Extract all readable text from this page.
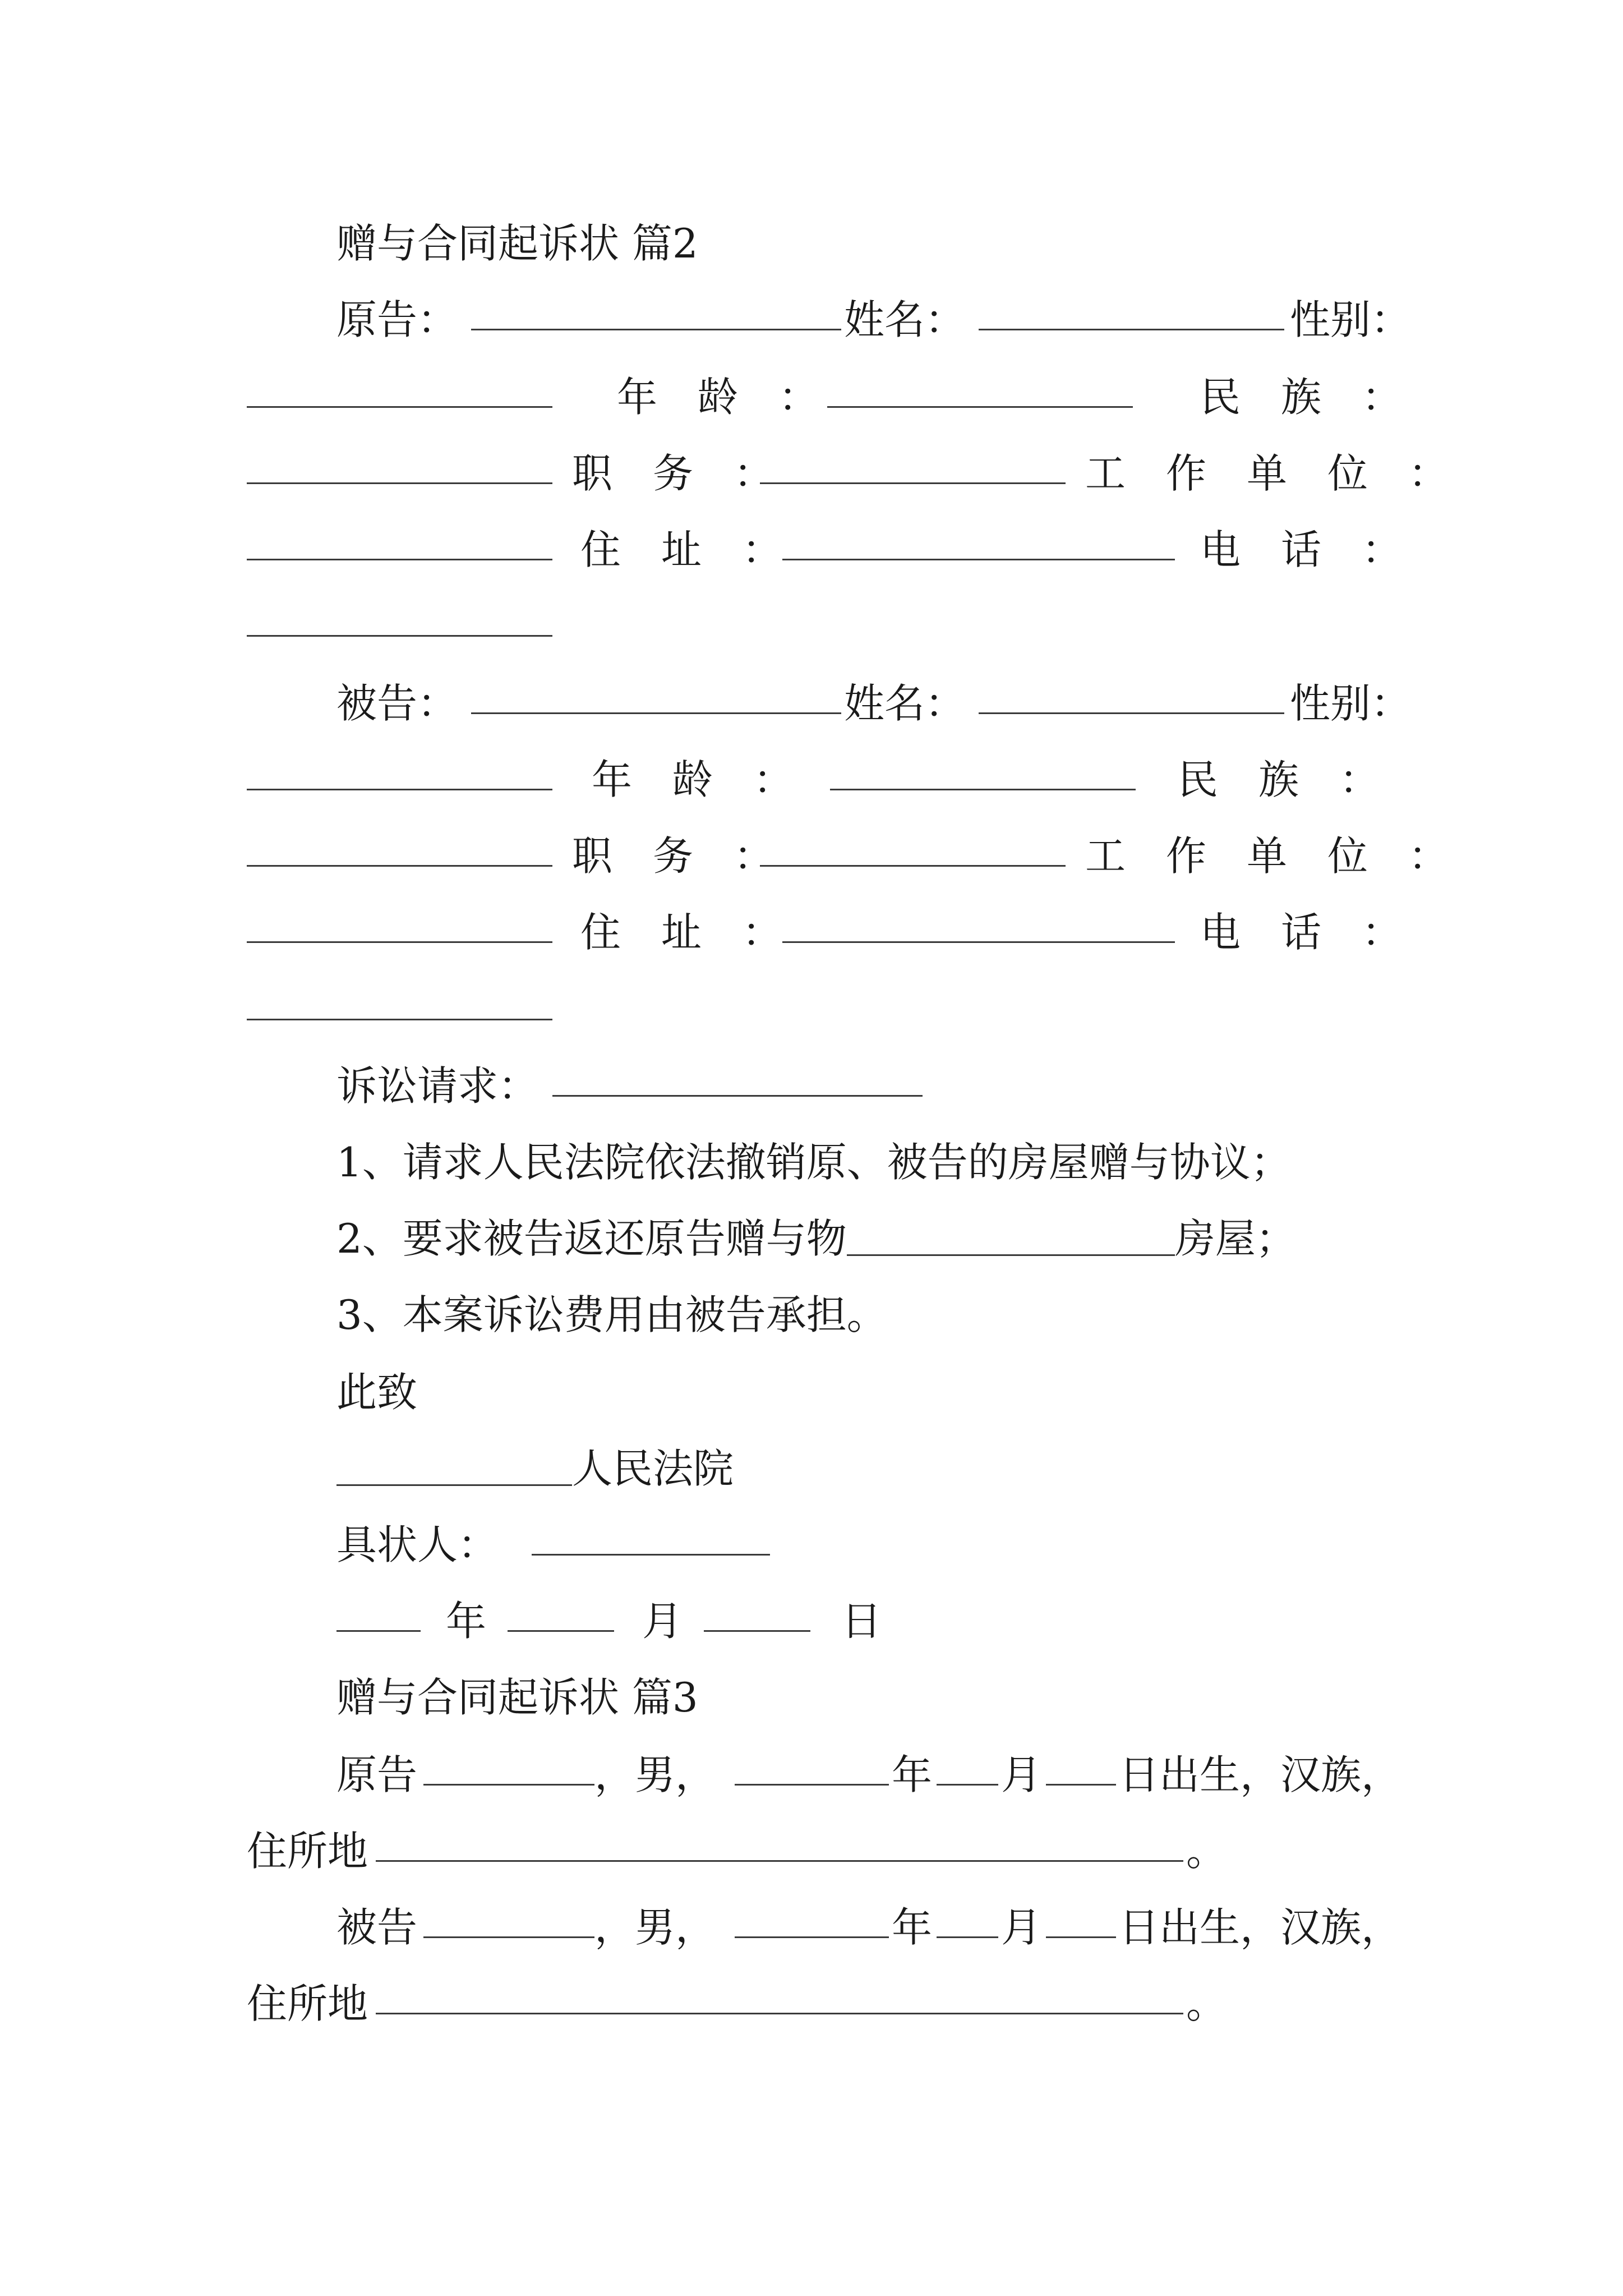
赠与合同起诉状 篇2
原告：	姓名：	性别：
年　龄　：	民　族　：
职　务　：	工　作　单　位　：
住　址　：	电　话　：
被告：	姓名：	性别：
年　龄　：	民　族　：
职　务　：	工　作　单　位　：
住　址　：	电　话　：
诉讼请求：
1、请求人民法院依法撤销原、被告的房屋赠与协议；
2、要求被告返还原告赠与物	房屋；
3、本案诉讼费用由被告承担。
此致
人民法院
具状人：
年	月	日
赠与合同起诉状 篇3
原告	，男，	年 月 日出生，汉族，
住所地	。
被告	，男，	年 月 日出生，汉族，
住所地	。
